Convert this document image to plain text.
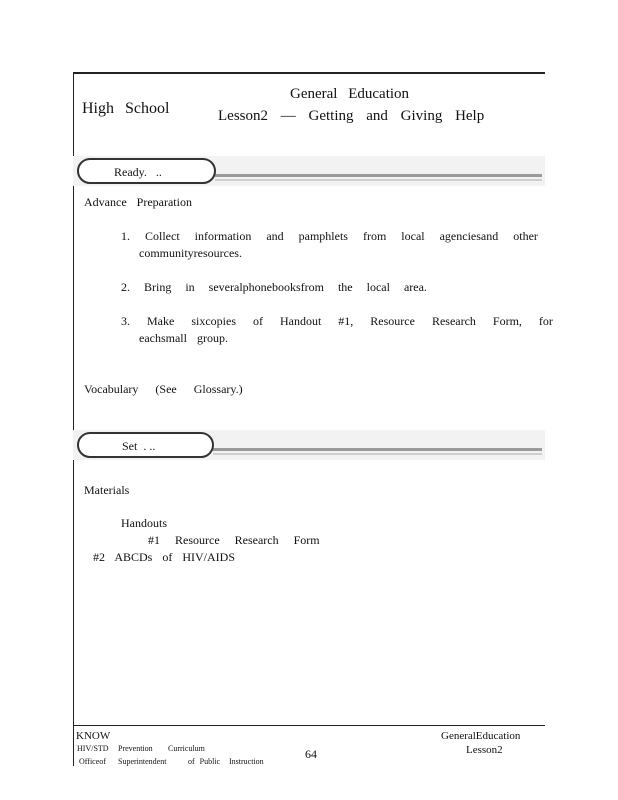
High School
General Education
Lesson2 — Getting and Giving Help
Ready.   ..
Advance Preparation
1. Collect information and pamphlets from local agenciesand other
communityresources.
2. Bring in severalphonebooksfrom the local area.
3. Make sixcopies of Handout #1, Resource Research Form, for
eachsmall group.
Vocabulary (See Glossary.)
Set  . ..
Materials
Handouts
#1 Resource Research Form
#2 ABCDs of HIV/AIDS
KNOW
HIV/STD Prevention Curriculum
Officeof Superintendent	of Public Instruction
64
GeneralEducation
Lesson2
